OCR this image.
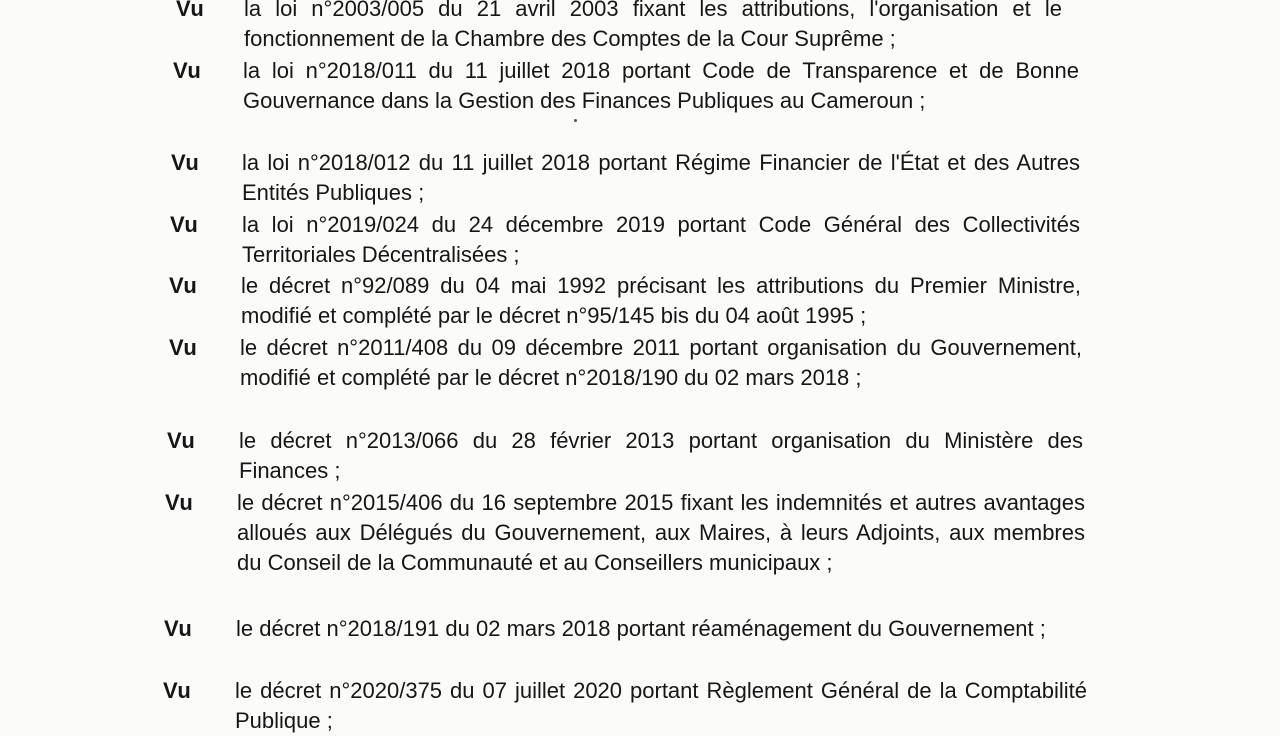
Vu la loi n°2003/005 du 21 avril 2003 fixant les attributions, l'organisation et le fonctionnement de la Chambre des Comptes de la Cour Suprême ;
Vu la loi n°2018/011 du 11 juillet 2018 portant Code de Transparence et de Bonne Gouvernance dans la Gestion des Finances Publiques au Cameroun ;
Vu la loi n°2018/012 du 11 juillet 2018 portant Régime Financier de l'État et des Autres Entités Publiques ;
Vu la loi n°2019/024 du 24 décembre 2019 portant Code Général des Collectivités Territoriales Décentralisées ;
Vu le décret n°92/089 du 04 mai 1992 précisant les attributions du Premier Ministre, modifié et complété par le décret n°95/145 bis du 04 août 1995 ;
Vu le décret n°2011/408 du 09 décembre 2011 portant organisation du Gouvernement, modifié et complété par le décret n°2018/190 du 02 mars 2018 ;
Vu le décret n°2013/066 du 28 février 2013 portant organisation du Ministère des Finances ;
Vu le décret n°2015/406 du 16 septembre 2015 fixant les indemnités et autres avantages alloués aux Délégués du Gouvernement, aux Maires, à leurs Adjoints, aux membres du Conseil de la Communauté et au Conseillers municipaux ;
Vu le décret n°2018/191 du 02 mars 2018 portant réaménagement du Gouvernement ;
Vu le décret n°2020/375 du 07 juillet 2020 portant Règlement Général de la Comptabilité Publique ;
